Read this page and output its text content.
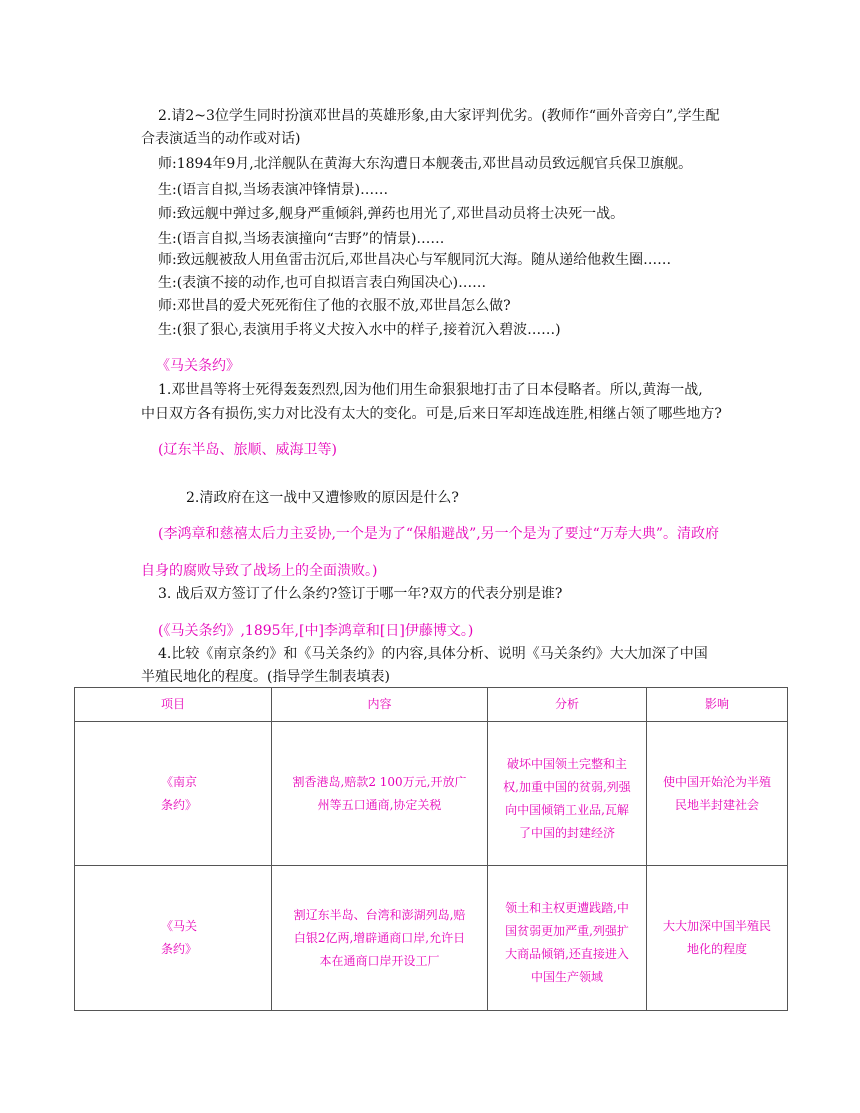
2.请2~3位学生同时扮演邓世昌的英雄形象,由大家评判优劣。(教师作“画外音旁白”,学生配
合表演适当的动作或对话)
师:1894年9月,北洋舰队在黄海大东沟遭日本舰袭击,邓世昌动员致远舰官兵保卫旗舰。
生:(语言自拟,当场表演冲锋情景)……
师:致远舰中弹过多,舰身严重倾斜,弹药也用光了,邓世昌动员将士决死一战。
生:(语言自拟,当场表演撞向“吉野”的情景)……
师:致远舰被敌人用鱼雷击沉后,邓世昌决心与军舰同沉大海。随从递给他救生圈……
生:(表演不接的动作,也可自拟语言表白殉国决心)……
师:邓世昌的爱犬死死衔住了他的衣服不放,邓世昌怎么做?
生:(狠了狠心,表演用手将义犬按入水中的样子,接着沉入碧波……)
《马关条约》
1.邓世昌等将士死得轰轰烈烈,因为他们用生命狠狠地打击了日本侵略者。所以,黄海一战,
中日双方各有损伤,实力对比没有太大的变化。可是,后来日军却连战连胜,相继占领了哪些地方?
(辽东半岛、旅顺、威海卫等)
2.清政府在这一战中又遭惨败的原因是什么?
(李鸿章和慈禧太后力主妥协,一个是为了“保船避战”,另一个是为了要过“万寿大典”。清政府
自身的腐败导致了战场上的全面溃败。)
3. 战后双方签订了什么条约?签订于哪一年?双方的代表分别是谁?
(《马关条约》,1895年,[中]李鸿章和[日]伊藤博文。)
4.比较《南京条约》和《马关条约》的内容,具体分析、说明《马关条约》大大加深了中国
半殖民地化的程度。(指导学生制表填表)
项目	内容	分析	影响

《南京
条约》	割香港岛,赔款2 100万元,开放广
州等五口通商,协定关税	破坏中国领土完整和主
权,加重中国的贫弱,列强
向中国倾销工业品,瓦解
了中国的封建经济	使中国开始沦为半殖
民地半封建社会

《马关
条约》	割辽东半岛、台湾和澎湖列岛,赔
白银2亿两,增辟通商口岸,允许日
本在通商口岸开设工厂	领土和主权更遭践踏,中
国贫弱更加严重,列强扩
大商品倾销,还直接进入
中国生产领域	大大加深中国半殖民
地化的程度
